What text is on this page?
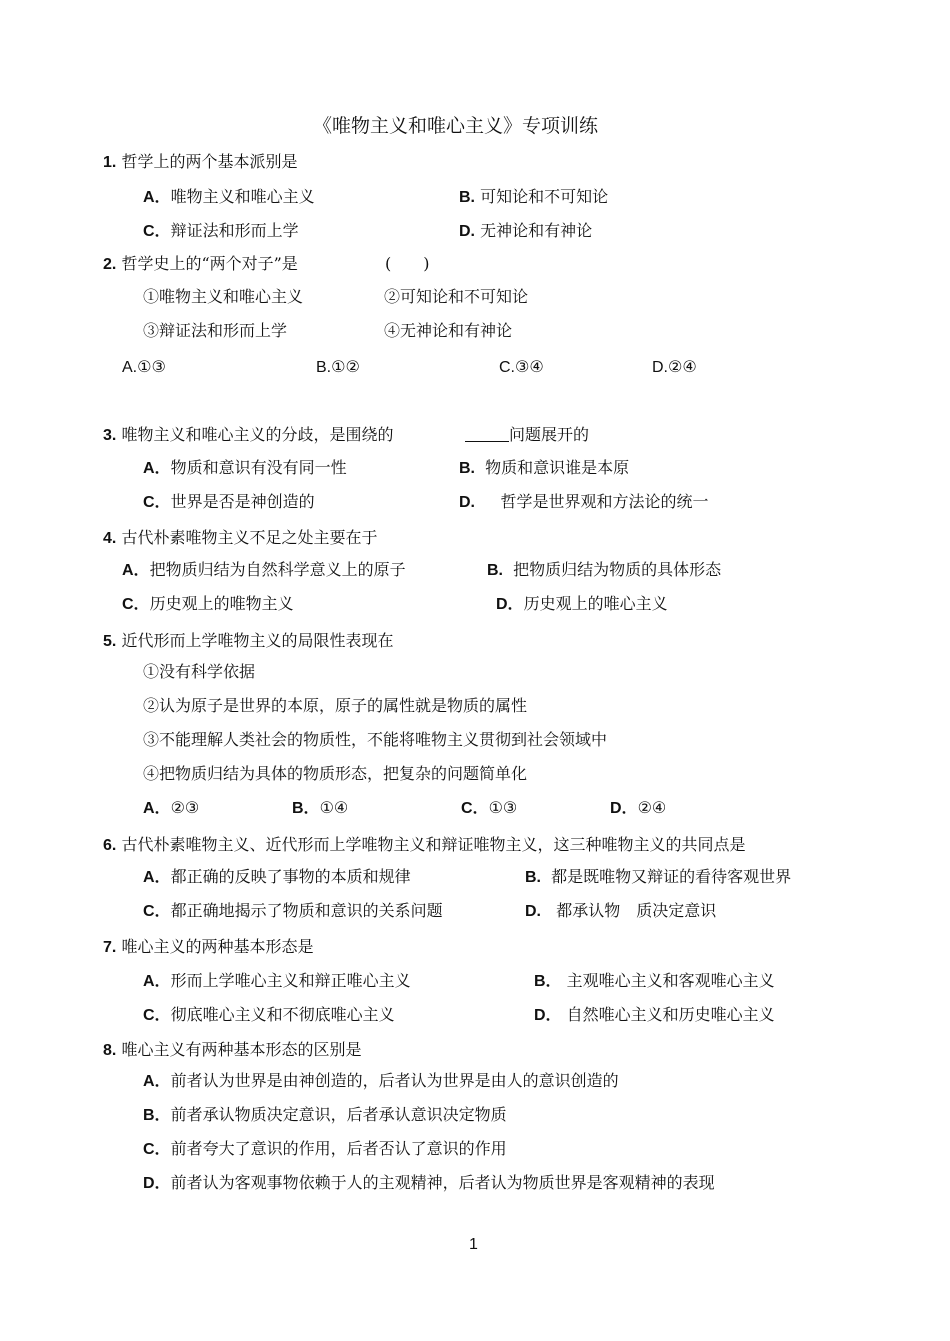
《唯物主义和唯心主义》专项训练
1. 哲学上的两个基本派别是
A．唯物主义和唯心主义	B. 可知论和不可知论
C．辩证法和形而上学	D. 无神论和有神论
2. 哲学史上的“两个对子”是	(　　)
①唯物主义和唯心主义	②可知论和不可知论
③辩证法和形而上学	④无神论和有神论
A.①③	B.①②	C.③④	D.②④
3. 唯物主义和唯心主义的分歧，是围绕的	问题展开的
A．物质和意识有没有同一性	B. 物质和意识谁是本原
C．世界是否是神创造的	D. 哲学是世界观和方法论的统一
4. 古代朴素唯物主义不足之处主要在于
A．把物质归结为自然科学意义上的原子	B. 把物质归结为物质的具体形态
C．历史观上的唯物主义	D．历史观上的唯心主义
5. 近代形而上学唯物主义的局限性表现在
①没有科学依据
②认为原子是世界的本原，原子的属性就是物质的属性
③不能理解人类社会的物质性，不能将唯物主义贯彻到社会领域中
④把物质归结为具体的物质形态，把复杂的问题简单化
A．②③	B．①④	C．①③	D．②④
6. 古代朴素唯物主义、近代形而上学唯物主义和辩证唯物主义，这三种唯物主义的共同点是
A．都正确的反映了事物的本质和规律	B. 都是既唯物又辩证的看待客观世界
C．都正确地揭示了物质和意识的关系问题	D. 都承认物　质决定意识
7. 唯心主义的两种基本形态是
A．形而上学唯心主义和辩正唯心主义	B． 主观唯心主义和客观唯心主义
C．彻底唯心主义和不彻底唯心主义	D． 自然唯心主义和历史唯心主义
8. 唯心主义有两种基本形态的区别是
A．前者认为世界是由神创造的，后者认为世界是由人的意识创造的
B．前者承认物质决定意识，后者承认意识决定物质
C．前者夸大了意识的作用，后者否认了意识的作用
D．前者认为客观事物依赖于人的主观精神，后者认为物质世界是客观精神的表现
1
